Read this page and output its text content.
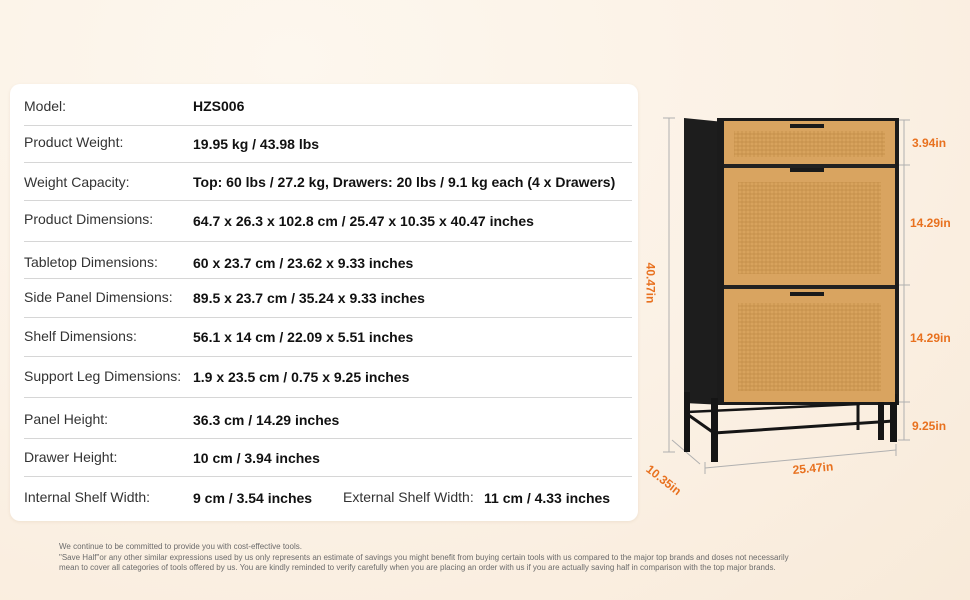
Model:	HZS006
Product Weight:	19.95 kg / 43.98 lbs
Weight Capacity:	Top: 60 lbs / 27.2 kg, Drawers: 20 lbs / 9.1 kg each (4 x Drawers)
Product Dimensions:	64.7 x 26.3 x 102.8 cm / 25.47 x 10.35 x 40.47 inches
Tabletop Dimensions:	60 x 23.7 cm / 23.62 x 9.33 inches
Side Panel Dimensions: 89.5 x 23.7 cm / 35.24 x 9.33 inches
Shelf Dimensions:	56.1 x 14 cm / 22.09 x 5.51 inches
Support Leg Dimensions: 1.9 x 23.5 cm / 0.75 x 9.25 inches
Panel Height:	36.3 cm / 14.29 inches
Drawer Height:	10 cm / 3.94 inches
Internal Shelf Width:	9 cm / 3.54 inches External Shelf Width: 11 cm / 4.33 inches
3.94in
14.29in
14.29in
9.25in
40.47in
10.35in	25.47in
We continue to be committed to provide you with cost-effective tools.
"Save Half"or any other similar expressions used by us only represents an estimate of savings you might benefit from buying certain tools with us compared to the major top brands and doses not necessarily
mean to cover all categories of tools offered by us. You are kindly reminded to verify carefully when you are placing an order with us if you are actually saving half in comparison with the top major brands.
